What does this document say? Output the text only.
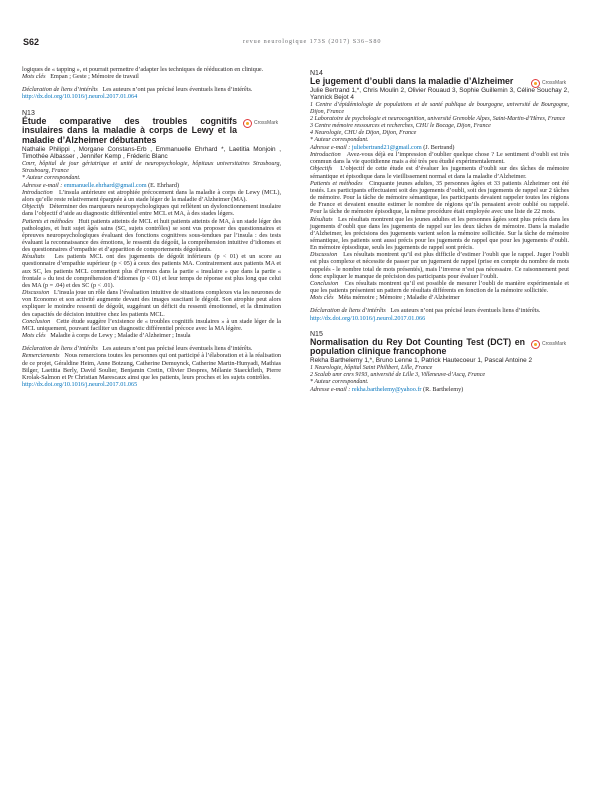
S62	revue neurologique 173S (2017) S36–S80

logiques de « tapping », et pourrait permettre d’adapter les techniques de rééducation en clinique.

Mots clés Empan ; Geste ; Mémoire de travail

Déclaration de liens d’intérêts Les auteurs n’ont pas précisé leurs éventuels liens d’intérêts.

http://dx.doi.org/10.1016/j.neurol.2017.01.064

N13

Étude comparative des troubles cognitifs insulaires dans la maladie à corps de Lewy et la maladie d’Alzheimer débutantes

CrossMark

Nathalie Philippi , Morgane Constans-Erb , Emmanuelle Ehrhard *, Laetitia Monjoin , Timothée Albasser , Jennifer Kemp , Fréderic Blanc

Cmrr, hôpital de jour gériatrique et unité de neuropsychologie, hôpitaux universitaires Strasbourg, Strasbourg, France

* Auteur correspondant.

Adresse e-mail : emmanuelle.ehrhard@gmail.com (E. Ehrhard)

Introduction L’insula antérieure est atrophiée précocement dans la maladie à corps de Lewy (MCL), alors qu’elle reste relativement épargnée à un stade léger de la maladie d’Alzheimer (MA).

Objectifs Déterminer des marqueurs neuropsychologiques qui reflètent un dysfonctionnement insulaire dans l’objectif d’aide au diagnostic différentiel entre MCL et MA, à des stades légers.

Patients et méthodes Huit patients atteints de MCL et huit patients atteints de MA, à un stade léger des pathologies, et huit sujet âgés sains (SC, sujets contrôles) se sont vus proposer des questionnaires et épreuves neuropsychologiques évaluant des fonctions cognitives sous-tendues par l’insula : des tests évaluant la reconnaissance des émotions, le ressenti du dégoût, la compréhension intuitive d’idiomes et des questionnaires d’empathie et d’apparition de comportements dégoûtants.

Résultats Les patients MCL ont des jugements de dégoût inférieurs (p < 01) et un score au questionnaire d’empathie supérieur (p < 05) à ceux des patients MA. Contrairement aux patients MA et aux SC, les patients MCL commettent plus d’erreurs dans la partie « insulaire » que dans la partie « frontale » du test de compréhension d’idiomes (p < 01) et leur temps de réponse est plus long que celui des MA (p = .04) et des SC (p < .01).

Discussion L’insula joue un rôle dans l’évaluation intuitive de situations complexes via les neurones de von Economo et son activité augmente devant des images suscitant le dégoût. Son atrophie peut alors expliquer le moindre ressenti de dégoût, suggérant un déficit du ressenti émotionnel, et la diminution des capacités de décision intuitive chez les patients MCL.

Conclusion Cette étude suggère l’existence de « troubles cognitifs insulaires » à un stade léger de la MCL uniquement, pouvant faciliter un diagnostic différentiel précoce avec la MA légère.

Mots clés Maladie à corps de Lewy ; Maladie d’Alzheimer ; Insula

Déclaration de liens d’intérêts Les auteurs n’ont pas précisé leurs éventuels liens d’intérêts.

Remerciements Nous remercions toutes les personnes qui ont participé à l’élaboration et à la réalisation de ce projet, Géraldine Heim, Anne Botzung, Catherine Demuynck, Catherine Martin-Hunyadi, Mathias Bilger, Laetitia Berly, David Soulier, Benjamin Cretin, Olivier Despres, Mélanie Staeckfleth, Pierre Krolak-Salmon et Pr Christian Marescaux ainsi que les patients, leurs proches et les sujets contrôles.

http://dx.doi.org/10.1016/j.neurol.2017.01.065

N14

Le jugement d’oubli dans la maladie d’Alzheimer	CrossMark

Julie Bertrand 1,*, Chris Moulin 2, Olivier Rouaud 3, Sophie Guillemin 3, Céline Souchay 2, Yannick Bejot 4

1 Centre d’épidémiologie de populations et de santé publique de bourgogne, université de Bourgogne, Dijon, France

2 Laboratoire de psychologie et neurocognition, université Grenoble Alpes, Saint-Martin-d’Hères, France

3 Centre mémoire ressources et recherches, CHU le Bocage, Dijon, France

4 Neurologie, CHU de Dijon, Dijon, France

* Auteur correspondant.

Adresse e-mail : juliebertrand21@gmail.com (J. Bertrand)

Introduction Avez-vous déjà eu l’impression d’oublier quelque chose ? Le sentiment d’oubli est très commun dans la vie quotidienne mais a été très peu étudié expérimentalement.

Objectifs L’objectif de cette étude est d’évaluer les jugements d’oubli sur des tâches de mémoire sémantique et épisodique dans le vieillissement normal et dans la maladie d’Alzheimer.

Patients et méthodes Cinquante jeunes adultes, 35 personnes âgées et 33 patients Alzheimer ont été testés. Les participants effectuaient soit des jugements d’oubli, soit des jugements de rappel sur 2 tâches de mémoire. Pour la tâche de mémoire sémantique, les participants devaient rappeler toutes les régions de France et devaient ensuite estimer le nombre de régions qu’ils pensaient avoir oublié ou rappelé. Pour la tâche de mémoire épisodique, la même procédure était employée avec une liste de 22 mots.

Résultats Les résultats montrent que les jeunes adultes et les personnes âgées sont plus précis dans les jugements d’oubli que dans les jugements de rappel sur les deux tâches de mémoire. Dans la maladie d’Alzheimer, les précisions des jugements varient selon la mémoire sollicitée. Sur la tâche de mémoire sémantique, les patients sont aussi précis pour les jugements de rappel que pour les jugements d’oubli. En mémoire épisodique, seuls les jugements de rappel sont précis.

Discussion Les résultats montrent qu’il est plus difficile d’estimer l’oubli que le rappel. Juger l’oubli est plus complexe et nécessite de passer par un jugement de rappel (prise en compte du nombre de mots rappelés - le nombre total de mots présentés), mais l’inverse n’est pas nécessaire. Ce raisonnement peut donc expliquer le manque de précision des participants pour évaluer l’oubli.

Conclusion Ces résultats montrent qu’il est possible de mesurer l’oubli de manière expérimentale et que les patients présentent un pattern de résultats différents en fonction de la mémoire sollicitée.

Mots clés Méta mémoire ; Mémoire ; Maladie d’Alzheimer

Déclaration de liens d’intérêts Les auteurs n’ont pas précisé leurs éventuels liens d’intérêts.

http://dx.doi.org/10.1016/j.neurol.2017.01.066

N15

Normalisation du Rey Dot Counting Test (DCT) en population clinique francophone

CrossMark

Rekha Barthelemy 1,*, Bruno Lenne 1, Patrick Hautecoeur 1, Pascal Antoine 2

1 Neurologie, hôpital Saint Philibert, Lille, France

2 Scalab umr cnrs 9193, université de Lille 3, Villeneuve-d’Ascq, France

* Auteur correspondant.

Adresse e-mail : rekha.barthelemy@yahoo.fr (R. Barthelemy)
